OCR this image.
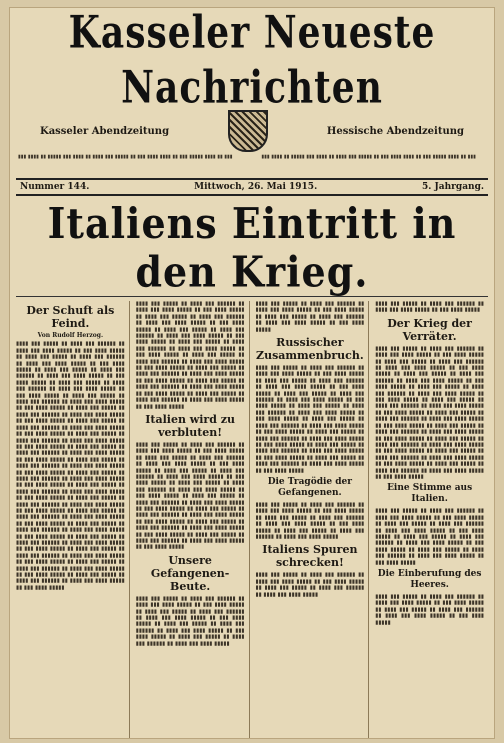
Kasseler Neueste Nachrichten
Kasseler Abendzeitung	Hessische Abendzeitung
▮▮▮ ▮▮▮▮ ▮▮ ▮▮▮▮▮ ▮▮▮ ▮▮▮▮ ▮▮ ▮▮▮▮ ▮▮▮ ▮▮▮▮▮ ▮▮ ▮▮▮ ▮▮▮▮ ▮▮▮▮ ▮▮ ▮▮▮ ▮▮▮▮▮ ▮▮▮▮ ▮▮ ▮▮▮	▮▮▮ ▮▮▮▮ ▮▮ ▮▮▮▮▮ ▮▮▮ ▮▮▮▮ ▮▮ ▮▮▮▮ ▮▮▮ ▮▮▮▮▮ ▮▮ ▮▮▮ ▮▮▮▮ ▮▮▮▮ ▮▮ ▮▮▮ ▮▮▮▮▮ ▮▮▮▮ ▮▮ ▮▮▮
Nummer 144.	Mittwoch, 26. Mai 1915.	5. Jahrgang.
Italiens Eintritt in den Krieg.
Der Schuft als Feind.
Von Rudolf Herzog.
▮▮▮▮ ▮▮▮ ▮▮▮▮▮ ▮▮ ▮▮▮▮ ▮▮▮ ▮▮▮▮▮▮ ▮▮ ▮▮▮▮ ▮▮▮ ▮▮▮▮ ▮▮▮▮▮ ▮▮ ▮▮▮ ▮▮▮▮ ▮▮▮▮▮ ▮▮ ▮▮▮▮ ▮▮▮ ▮▮▮▮▮ ▮▮ ▮▮▮▮ ▮▮▮ ▮▮▮▮▮▮ ▮▮ ▮▮▮▮ ▮▮▮ ▮▮▮▮ ▮▮▮▮▮ ▮▮ ▮▮▮ ▮▮▮▮ ▮▮▮▮▮ ▮▮ ▮▮▮▮ ▮▮▮ ▮▮▮▮▮ ▮▮ ▮▮▮▮ ▮▮▮ ▮▮▮▮▮▮ ▮▮ ▮▮▮▮ ▮▮▮ ▮▮▮▮ ▮▮▮▮▮ ▮▮ ▮▮▮ ▮▮▮▮ ▮▮▮▮▮ ▮▮ ▮▮▮▮ ▮▮▮ ▮▮▮▮▮ ▮▮ ▮▮▮▮ ▮▮▮ ▮▮▮▮▮▮ ▮▮ ▮▮▮▮ ▮▮▮ ▮▮▮▮ ▮▮▮▮▮ ▮▮ ▮▮▮ ▮▮▮▮ ▮▮▮▮▮ ▮▮ ▮▮▮▮ ▮▮▮ ▮▮▮▮▮ ▮▮ ▮▮▮▮ ▮▮▮ ▮▮▮▮▮▮ ▮▮ ▮▮▮▮ ▮▮▮ ▮▮▮▮ ▮▮▮▮▮ ▮▮ ▮▮▮ ▮▮▮▮ ▮▮▮▮▮ ▮▮ ▮▮▮▮ ▮▮▮ ▮▮▮▮▮ ▮▮ ▮▮▮▮ ▮▮▮ ▮▮▮▮▮▮ ▮▮ ▮▮▮▮ ▮▮▮ ▮▮▮▮ ▮▮▮▮▮ ▮▮ ▮▮▮ ▮▮▮▮ ▮▮▮▮▮ ▮▮ ▮▮▮▮ ▮▮▮ ▮▮▮▮▮ ▮▮ ▮▮▮▮ ▮▮▮ ▮▮▮▮▮▮ ▮▮ ▮▮▮▮ ▮▮▮ ▮▮▮▮ ▮▮▮▮▮ ▮▮ ▮▮▮ ▮▮▮▮ ▮▮▮▮▮ ▮▮ ▮▮▮▮ ▮▮▮ ▮▮▮▮▮ ▮▮ ▮▮▮▮ ▮▮▮ ▮▮▮▮▮▮ ▮▮ ▮▮▮▮ ▮▮▮ ▮▮▮▮ ▮▮▮▮▮ ▮▮ ▮▮▮ ▮▮▮▮ ▮▮▮▮▮ ▮▮ ▮▮▮▮ ▮▮▮ ▮▮▮▮▮ ▮▮ ▮▮▮▮ ▮▮▮ ▮▮▮▮▮▮ ▮▮ ▮▮▮▮ ▮▮▮ ▮▮▮▮ ▮▮▮▮▮ ▮▮ ▮▮▮ ▮▮▮▮ ▮▮▮▮▮ ▮▮ ▮▮▮▮ ▮▮▮ ▮▮▮▮▮ ▮▮ ▮▮▮▮ ▮▮▮ ▮▮▮▮▮▮ ▮▮ ▮▮▮▮ ▮▮▮ ▮▮▮▮ ▮▮▮▮▮ ▮▮ ▮▮▮ ▮▮▮▮ ▮▮▮▮▮ ▮▮ ▮▮▮▮ ▮▮▮ ▮▮▮▮▮ ▮▮ ▮▮▮▮ ▮▮▮ ▮▮▮▮▮▮ ▮▮ ▮▮▮▮ ▮▮▮ ▮▮▮▮ ▮▮▮▮▮ ▮▮ ▮▮▮ ▮▮▮▮ ▮▮▮▮▮ ▮▮ ▮▮▮▮ ▮▮▮ ▮▮▮▮▮ ▮▮ ▮▮▮▮ ▮▮▮ ▮▮▮▮▮▮ ▮▮ ▮▮▮▮ ▮▮▮ ▮▮▮▮ ▮▮▮▮▮ ▮▮ ▮▮▮ ▮▮▮▮ ▮▮▮▮▮ ▮▮ ▮▮▮▮ ▮▮▮ ▮▮▮▮▮ ▮▮ ▮▮▮▮ ▮▮▮ ▮▮▮▮▮▮ ▮▮ ▮▮▮▮ ▮▮▮ ▮▮▮▮ ▮▮▮▮▮ ▮▮ ▮▮▮ ▮▮▮▮ ▮▮▮▮▮ ▮▮ ▮▮▮▮ ▮▮▮ ▮▮▮▮▮ ▮▮ ▮▮▮▮ ▮▮▮ ▮▮▮▮▮▮ ▮▮ ▮▮▮▮ ▮▮▮ ▮▮▮▮ ▮▮▮▮▮ ▮▮ ▮▮▮ ▮▮▮▮ ▮▮▮▮▮ ▮▮ ▮▮▮▮ ▮▮▮ ▮▮▮▮▮ ▮▮ ▮▮▮▮ ▮▮▮ ▮▮▮▮▮▮ ▮▮ ▮▮▮▮ ▮▮▮ ▮▮▮▮ ▮▮▮▮▮ ▮▮ ▮▮▮ ▮▮▮▮ ▮▮▮▮▮ ▮▮ ▮▮▮▮ ▮▮▮ ▮▮▮▮▮ ▮▮ ▮▮▮▮ ▮▮▮ ▮▮▮▮▮▮ ▮▮ ▮▮▮▮ ▮▮▮ ▮▮▮▮ ▮▮▮▮▮ ▮▮ ▮▮▮ ▮▮▮▮ ▮▮▮▮▮ ▮▮ ▮▮▮▮ ▮▮▮ ▮▮▮▮▮ ▮▮ ▮▮▮▮ ▮▮▮ ▮▮▮▮▮▮ ▮▮ ▮▮▮▮ ▮▮▮ ▮▮▮▮ ▮▮▮▮▮ ▮▮ ▮▮▮ ▮▮▮▮ ▮▮▮▮▮ ▮▮ ▮▮▮▮ ▮▮▮ ▮▮▮▮▮ ▮▮ ▮▮▮▮ ▮▮▮ ▮▮▮▮▮▮ ▮▮ ▮▮▮▮ ▮▮▮ ▮▮▮▮ ▮▮▮▮▮ ▮▮ ▮▮▮ ▮▮▮▮ ▮▮▮▮▮ ▮▮ ▮▮▮▮ ▮▮▮ ▮▮▮▮▮ ▮▮ ▮▮▮▮ ▮▮▮ ▮▮▮▮▮▮ ▮▮ ▮▮▮▮ ▮▮▮ ▮▮▮▮ ▮▮▮▮▮ ▮▮ ▮▮▮ ▮▮▮▮ ▮▮▮▮▮
▮▮▮▮ ▮▮▮ ▮▮▮▮▮ ▮▮ ▮▮▮▮ ▮▮▮ ▮▮▮▮▮▮ ▮▮ ▮▮▮▮ ▮▮▮ ▮▮▮▮ ▮▮▮▮▮ ▮▮ ▮▮▮ ▮▮▮▮ ▮▮▮▮▮ ▮▮ ▮▮▮▮ ▮▮▮ ▮▮▮▮▮ ▮▮ ▮▮▮▮ ▮▮▮ ▮▮▮▮▮▮ ▮▮ ▮▮▮▮ ▮▮▮ ▮▮▮▮ ▮▮▮▮▮ ▮▮ ▮▮▮ ▮▮▮▮ ▮▮▮▮▮ ▮▮ ▮▮▮▮ ▮▮▮ ▮▮▮▮▮ ▮▮ ▮▮▮▮ ▮▮▮ ▮▮▮▮▮▮ ▮▮ ▮▮▮▮ ▮▮▮ ▮▮▮▮ ▮▮▮▮▮ ▮▮ ▮▮▮ ▮▮▮▮ ▮▮▮▮▮ ▮▮ ▮▮▮▮ ▮▮▮ ▮▮▮▮▮ ▮▮ ▮▮▮▮ ▮▮▮ ▮▮▮▮▮▮ ▮▮ ▮▮▮▮ ▮▮▮ ▮▮▮▮ ▮▮▮▮▮ ▮▮ ▮▮▮ ▮▮▮▮ ▮▮▮▮▮ ▮▮ ▮▮▮▮ ▮▮▮ ▮▮▮▮▮ ▮▮ ▮▮▮▮ ▮▮▮ ▮▮▮▮▮▮ ▮▮ ▮▮▮▮ ▮▮▮ ▮▮▮▮ ▮▮▮▮▮ ▮▮ ▮▮▮ ▮▮▮▮ ▮▮▮▮▮ ▮▮ ▮▮▮▮ ▮▮▮ ▮▮▮▮▮ ▮▮ ▮▮▮▮ ▮▮▮ ▮▮▮▮▮▮ ▮▮ ▮▮▮▮ ▮▮▮ ▮▮▮▮ ▮▮▮▮▮ ▮▮ ▮▮▮ ▮▮▮▮ ▮▮▮▮▮ ▮▮ ▮▮▮▮ ▮▮▮ ▮▮▮▮▮ ▮▮ ▮▮▮▮ ▮▮▮ ▮▮▮▮▮▮ ▮▮ ▮▮▮▮ ▮▮▮ ▮▮▮▮ ▮▮▮▮▮ ▮▮ ▮▮▮ ▮▮▮▮ ▮▮▮▮▮ ▮▮ ▮▮▮▮ ▮▮▮ ▮▮▮▮▮ ▮▮ ▮▮▮▮ ▮▮▮ ▮▮▮▮▮▮ ▮▮ ▮▮▮▮ ▮▮▮ ▮▮▮▮ ▮▮▮▮▮ ▮▮ ▮▮▮ ▮▮▮▮ ▮▮▮▮▮
Italien wird zu verbluten!
▮▮▮▮ ▮▮▮ ▮▮▮▮▮ ▮▮ ▮▮▮▮ ▮▮▮ ▮▮▮▮▮▮ ▮▮ ▮▮▮▮ ▮▮▮ ▮▮▮▮ ▮▮▮▮▮ ▮▮ ▮▮▮ ▮▮▮▮ ▮▮▮▮▮ ▮▮ ▮▮▮▮ ▮▮▮ ▮▮▮▮▮ ▮▮ ▮▮▮▮ ▮▮▮ ▮▮▮▮▮▮ ▮▮ ▮▮▮▮ ▮▮▮ ▮▮▮▮ ▮▮▮▮▮ ▮▮ ▮▮▮ ▮▮▮▮ ▮▮▮▮▮ ▮▮ ▮▮▮▮ ▮▮▮ ▮▮▮▮▮ ▮▮ ▮▮▮▮ ▮▮▮ ▮▮▮▮▮▮ ▮▮ ▮▮▮▮ ▮▮▮ ▮▮▮▮ ▮▮▮▮▮ ▮▮ ▮▮▮ ▮▮▮▮ ▮▮▮▮▮ ▮▮ ▮▮▮▮ ▮▮▮ ▮▮▮▮▮ ▮▮ ▮▮▮▮ ▮▮▮ ▮▮▮▮▮▮ ▮▮ ▮▮▮▮ ▮▮▮ ▮▮▮▮ ▮▮▮▮▮ ▮▮ ▮▮▮ ▮▮▮▮ ▮▮▮▮▮ ▮▮ ▮▮▮▮ ▮▮▮ ▮▮▮▮▮ ▮▮ ▮▮▮▮ ▮▮▮ ▮▮▮▮▮▮ ▮▮ ▮▮▮▮ ▮▮▮ ▮▮▮▮ ▮▮▮▮▮ ▮▮ ▮▮▮ ▮▮▮▮ ▮▮▮▮▮ ▮▮ ▮▮▮▮ ▮▮▮ ▮▮▮▮▮ ▮▮ ▮▮▮▮ ▮▮▮ ▮▮▮▮▮▮ ▮▮ ▮▮▮▮ ▮▮▮ ▮▮▮▮ ▮▮▮▮▮ ▮▮ ▮▮▮ ▮▮▮▮ ▮▮▮▮▮ ▮▮ ▮▮▮▮ ▮▮▮ ▮▮▮▮▮ ▮▮ ▮▮▮▮ ▮▮▮ ▮▮▮▮▮▮ ▮▮ ▮▮▮▮ ▮▮▮ ▮▮▮▮ ▮▮▮▮▮ ▮▮ ▮▮▮ ▮▮▮▮ ▮▮▮▮▮ ▮▮ ▮▮▮▮ ▮▮▮ ▮▮▮▮▮ ▮▮ ▮▮▮▮ ▮▮▮ ▮▮▮▮▮▮ ▮▮ ▮▮▮▮ ▮▮▮ ▮▮▮▮ ▮▮▮▮▮ ▮▮ ▮▮▮ ▮▮▮▮ ▮▮▮▮▮
Unsere Gefangenen-Beute.
▮▮▮▮ ▮▮▮ ▮▮▮▮▮ ▮▮ ▮▮▮▮ ▮▮▮ ▮▮▮▮▮▮ ▮▮ ▮▮▮▮ ▮▮▮ ▮▮▮▮ ▮▮▮▮▮ ▮▮ ▮▮▮ ▮▮▮▮ ▮▮▮▮▮ ▮▮ ▮▮▮▮ ▮▮▮ ▮▮▮▮▮ ▮▮ ▮▮▮▮ ▮▮▮ ▮▮▮▮▮▮ ▮▮ ▮▮▮▮ ▮▮▮ ▮▮▮▮ ▮▮▮▮▮ ▮▮ ▮▮▮ ▮▮▮▮ ▮▮▮▮▮ ▮▮ ▮▮▮▮ ▮▮▮ ▮▮▮▮▮ ▮▮ ▮▮▮▮ ▮▮▮ ▮▮▮▮▮▮ ▮▮ ▮▮▮▮ ▮▮▮ ▮▮▮▮ ▮▮▮▮▮ ▮▮ ▮▮▮ ▮▮▮▮ ▮▮▮▮▮ ▮▮ ▮▮▮▮ ▮▮▮ ▮▮▮▮▮ ▮▮ ▮▮▮▮ ▮▮▮ ▮▮▮▮▮▮ ▮▮ ▮▮▮▮ ▮▮▮ ▮▮▮▮ ▮▮▮▮▮
▮▮▮▮ ▮▮▮ ▮▮▮▮▮ ▮▮ ▮▮▮▮ ▮▮▮ ▮▮▮▮▮▮ ▮▮ ▮▮▮▮ ▮▮▮ ▮▮▮▮ ▮▮▮▮▮ ▮▮ ▮▮▮ ▮▮▮▮ ▮▮▮▮▮ ▮▮ ▮▮▮▮ ▮▮▮ ▮▮▮▮▮ ▮▮ ▮▮▮▮ ▮▮▮ ▮▮▮▮▮▮ ▮▮ ▮▮▮▮ ▮▮▮ ▮▮▮▮ ▮▮▮▮▮ ▮▮ ▮▮▮ ▮▮▮▮ ▮▮▮▮▮
Russischer Zusammenbruch.
▮▮▮▮ ▮▮▮ ▮▮▮▮▮ ▮▮ ▮▮▮▮ ▮▮▮ ▮▮▮▮▮▮ ▮▮ ▮▮▮▮ ▮▮▮ ▮▮▮▮ ▮▮▮▮▮ ▮▮ ▮▮▮ ▮▮▮▮ ▮▮▮▮▮ ▮▮ ▮▮▮▮ ▮▮▮ ▮▮▮▮▮ ▮▮ ▮▮▮▮ ▮▮▮ ▮▮▮▮▮▮ ▮▮ ▮▮▮▮ ▮▮▮ ▮▮▮▮ ▮▮▮▮▮ ▮▮ ▮▮▮ ▮▮▮▮ ▮▮▮▮▮ ▮▮ ▮▮▮▮ ▮▮▮ ▮▮▮▮▮ ▮▮ ▮▮▮▮ ▮▮▮ ▮▮▮▮▮▮ ▮▮ ▮▮▮▮ ▮▮▮ ▮▮▮▮ ▮▮▮▮▮ ▮▮ ▮▮▮ ▮▮▮▮ ▮▮▮▮▮ ▮▮ ▮▮▮▮ ▮▮▮ ▮▮▮▮▮ ▮▮ ▮▮▮▮ ▮▮▮ ▮▮▮▮▮▮ ▮▮ ▮▮▮▮ ▮▮▮ ▮▮▮▮ ▮▮▮▮▮ ▮▮ ▮▮▮ ▮▮▮▮ ▮▮▮▮▮ ▮▮ ▮▮▮▮ ▮▮▮ ▮▮▮▮▮ ▮▮ ▮▮▮▮ ▮▮▮ ▮▮▮▮▮▮ ▮▮ ▮▮▮▮ ▮▮▮ ▮▮▮▮ ▮▮▮▮▮ ▮▮ ▮▮▮ ▮▮▮▮ ▮▮▮▮▮ ▮▮ ▮▮▮▮ ▮▮▮ ▮▮▮▮▮ ▮▮ ▮▮▮▮ ▮▮▮ ▮▮▮▮▮▮ ▮▮ ▮▮▮▮ ▮▮▮ ▮▮▮▮ ▮▮▮▮▮ ▮▮ ▮▮▮ ▮▮▮▮ ▮▮▮▮▮ ▮▮ ▮▮▮▮ ▮▮▮ ▮▮▮▮▮ ▮▮ ▮▮▮▮ ▮▮▮ ▮▮▮▮▮▮ ▮▮ ▮▮▮▮ ▮▮▮ ▮▮▮▮ ▮▮▮▮▮ ▮▮ ▮▮▮ ▮▮▮▮ ▮▮▮▮▮ ▮▮ ▮▮▮▮ ▮▮▮ ▮▮▮▮▮ ▮▮ ▮▮▮▮ ▮▮▮ ▮▮▮▮▮▮ ▮▮ ▮▮▮▮ ▮▮▮ ▮▮▮▮ ▮▮▮▮▮ ▮▮ ▮▮▮ ▮▮▮▮ ▮▮▮▮▮
Die Tragödie der Gefangenen.
▮▮▮▮ ▮▮▮ ▮▮▮▮▮ ▮▮ ▮▮▮▮ ▮▮▮ ▮▮▮▮▮▮ ▮▮ ▮▮▮▮ ▮▮▮ ▮▮▮▮ ▮▮▮▮▮ ▮▮ ▮▮▮ ▮▮▮▮ ▮▮▮▮▮ ▮▮ ▮▮▮▮ ▮▮▮ ▮▮▮▮▮ ▮▮ ▮▮▮▮ ▮▮▮ ▮▮▮▮▮▮ ▮▮ ▮▮▮▮ ▮▮▮ ▮▮▮▮ ▮▮▮▮▮ ▮▮ ▮▮▮ ▮▮▮▮ ▮▮▮▮▮ ▮▮ ▮▮▮▮ ▮▮▮ ▮▮▮▮▮ ▮▮ ▮▮▮▮ ▮▮▮ ▮▮▮▮▮▮ ▮▮ ▮▮▮▮ ▮▮▮ ▮▮▮▮ ▮▮▮▮▮
Italiens Spuren schrecken!
▮▮▮▮ ▮▮▮ ▮▮▮▮▮ ▮▮ ▮▮▮▮ ▮▮▮ ▮▮▮▮▮▮ ▮▮ ▮▮▮▮ ▮▮▮ ▮▮▮▮ ▮▮▮▮▮ ▮▮ ▮▮▮ ▮▮▮▮ ▮▮▮▮▮ ▮▮ ▮▮▮▮ ▮▮▮ ▮▮▮▮▮ ▮▮ ▮▮▮▮ ▮▮▮ ▮▮▮▮▮▮ ▮▮ ▮▮▮▮ ▮▮▮ ▮▮▮▮ ▮▮▮▮▮
▮▮▮▮ ▮▮▮ ▮▮▮▮▮ ▮▮ ▮▮▮▮ ▮▮▮ ▮▮▮▮▮▮ ▮▮ ▮▮▮▮ ▮▮▮ ▮▮▮▮ ▮▮▮▮▮ ▮▮ ▮▮▮ ▮▮▮▮ ▮▮▮▮▮
Der Krieg der Verräter.
▮▮▮▮ ▮▮▮ ▮▮▮▮▮ ▮▮ ▮▮▮▮ ▮▮▮ ▮▮▮▮▮▮ ▮▮ ▮▮▮▮ ▮▮▮ ▮▮▮▮ ▮▮▮▮▮ ▮▮ ▮▮▮ ▮▮▮▮ ▮▮▮▮▮ ▮▮ ▮▮▮▮ ▮▮▮ ▮▮▮▮▮ ▮▮ ▮▮▮▮ ▮▮▮ ▮▮▮▮▮▮ ▮▮ ▮▮▮▮ ▮▮▮ ▮▮▮▮ ▮▮▮▮▮ ▮▮ ▮▮▮ ▮▮▮▮ ▮▮▮▮▮ ▮▮ ▮▮▮▮ ▮▮▮ ▮▮▮▮▮ ▮▮ ▮▮▮▮ ▮▮▮ ▮▮▮▮▮▮ ▮▮ ▮▮▮▮ ▮▮▮ ▮▮▮▮ ▮▮▮▮▮ ▮▮ ▮▮▮ ▮▮▮▮ ▮▮▮▮▮ ▮▮ ▮▮▮▮ ▮▮▮ ▮▮▮▮▮ ▮▮ ▮▮▮▮ ▮▮▮ ▮▮▮▮▮▮ ▮▮ ▮▮▮▮ ▮▮▮ ▮▮▮▮ ▮▮▮▮▮ ▮▮ ▮▮▮ ▮▮▮▮ ▮▮▮▮▮ ▮▮ ▮▮▮▮ ▮▮▮ ▮▮▮▮▮ ▮▮ ▮▮▮▮ ▮▮▮ ▮▮▮▮▮▮ ▮▮ ▮▮▮▮ ▮▮▮ ▮▮▮▮ ▮▮▮▮▮ ▮▮ ▮▮▮ ▮▮▮▮ ▮▮▮▮▮ ▮▮ ▮▮▮▮ ▮▮▮ ▮▮▮▮▮ ▮▮ ▮▮▮▮ ▮▮▮ ▮▮▮▮▮▮ ▮▮ ▮▮▮▮ ▮▮▮ ▮▮▮▮ ▮▮▮▮▮ ▮▮ ▮▮▮ ▮▮▮▮ ▮▮▮▮▮ ▮▮ ▮▮▮▮ ▮▮▮ ▮▮▮▮▮ ▮▮ ▮▮▮▮ ▮▮▮ ▮▮▮▮▮▮ ▮▮ ▮▮▮▮ ▮▮▮ ▮▮▮▮ ▮▮▮▮▮ ▮▮ ▮▮▮ ▮▮▮▮ ▮▮▮▮▮ ▮▮ ▮▮▮▮ ▮▮▮ ▮▮▮▮▮ ▮▮ ▮▮▮▮ ▮▮▮ ▮▮▮▮▮▮ ▮▮ ▮▮▮▮ ▮▮▮ ▮▮▮▮ ▮▮▮▮▮ ▮▮ ▮▮▮ ▮▮▮▮ ▮▮▮▮▮ ▮▮ ▮▮▮▮ ▮▮▮ ▮▮▮▮▮ ▮▮ ▮▮▮▮ ▮▮▮ ▮▮▮▮▮▮ ▮▮ ▮▮▮▮ ▮▮▮ ▮▮▮▮ ▮▮▮▮▮ ▮▮ ▮▮▮ ▮▮▮▮ ▮▮▮▮▮ ▮▮ ▮▮▮▮ ▮▮▮ ▮▮▮▮▮ ▮▮ ▮▮▮▮ ▮▮▮ ▮▮▮▮▮▮ ▮▮ ▮▮▮▮ ▮▮▮ ▮▮▮▮ ▮▮▮▮▮ ▮▮ ▮▮▮ ▮▮▮▮ ▮▮▮▮▮
Eine Stimme aus Italien.
▮▮▮▮ ▮▮▮ ▮▮▮▮▮ ▮▮ ▮▮▮▮ ▮▮▮ ▮▮▮▮▮▮ ▮▮ ▮▮▮▮ ▮▮▮ ▮▮▮▮ ▮▮▮▮▮ ▮▮ ▮▮▮ ▮▮▮▮ ▮▮▮▮▮ ▮▮ ▮▮▮▮ ▮▮▮ ▮▮▮▮▮ ▮▮ ▮▮▮▮ ▮▮▮ ▮▮▮▮▮▮ ▮▮ ▮▮▮▮ ▮▮▮ ▮▮▮▮ ▮▮▮▮▮ ▮▮ ▮▮▮ ▮▮▮▮ ▮▮▮▮▮ ▮▮ ▮▮▮▮ ▮▮▮ ▮▮▮▮▮ ▮▮ ▮▮▮▮ ▮▮▮ ▮▮▮▮▮▮ ▮▮ ▮▮▮▮ ▮▮▮ ▮▮▮▮ ▮▮▮▮▮ ▮▮ ▮▮▮ ▮▮▮▮ ▮▮▮▮▮ ▮▮ ▮▮▮▮ ▮▮▮ ▮▮▮▮▮ ▮▮ ▮▮▮▮ ▮▮▮ ▮▮▮▮▮▮ ▮▮ ▮▮▮▮ ▮▮▮ ▮▮▮▮ ▮▮▮▮▮ ▮▮ ▮▮▮ ▮▮▮▮ ▮▮▮▮▮
Die Einberufung des Heeres.
▮▮▮▮ ▮▮▮ ▮▮▮▮▮ ▮▮ ▮▮▮▮ ▮▮▮ ▮▮▮▮▮▮ ▮▮ ▮▮▮▮ ▮▮▮ ▮▮▮▮ ▮▮▮▮▮ ▮▮ ▮▮▮ ▮▮▮▮ ▮▮▮▮▮ ▮▮ ▮▮▮▮ ▮▮▮ ▮▮▮▮▮ ▮▮ ▮▮▮▮ ▮▮▮ ▮▮▮▮▮▮ ▮▮ ▮▮▮▮ ▮▮▮ ▮▮▮▮ ▮▮▮▮▮ ▮▮ ▮▮▮ ▮▮▮▮ ▮▮▮▮▮
